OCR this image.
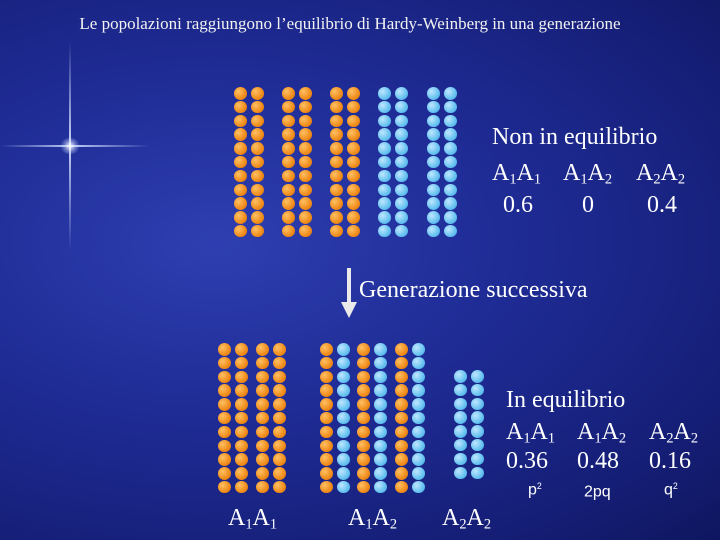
Le popolazioni raggiungono l’equilibrio di Hardy-Weinberg in una generazione
Non in equilibrio
$A_1A_1$ $A_1A_2$ $A_2A_2$
0.6 0 0.4
Generazione successiva
In equilibrio
$A_1A_1$ $A_1A_2$ $A_2A_2$
0.36 0.48 0.16
$p^2$	2pq	$q^2$
$A_1A_1$	$A_1A_2$ $A_2A_2$
